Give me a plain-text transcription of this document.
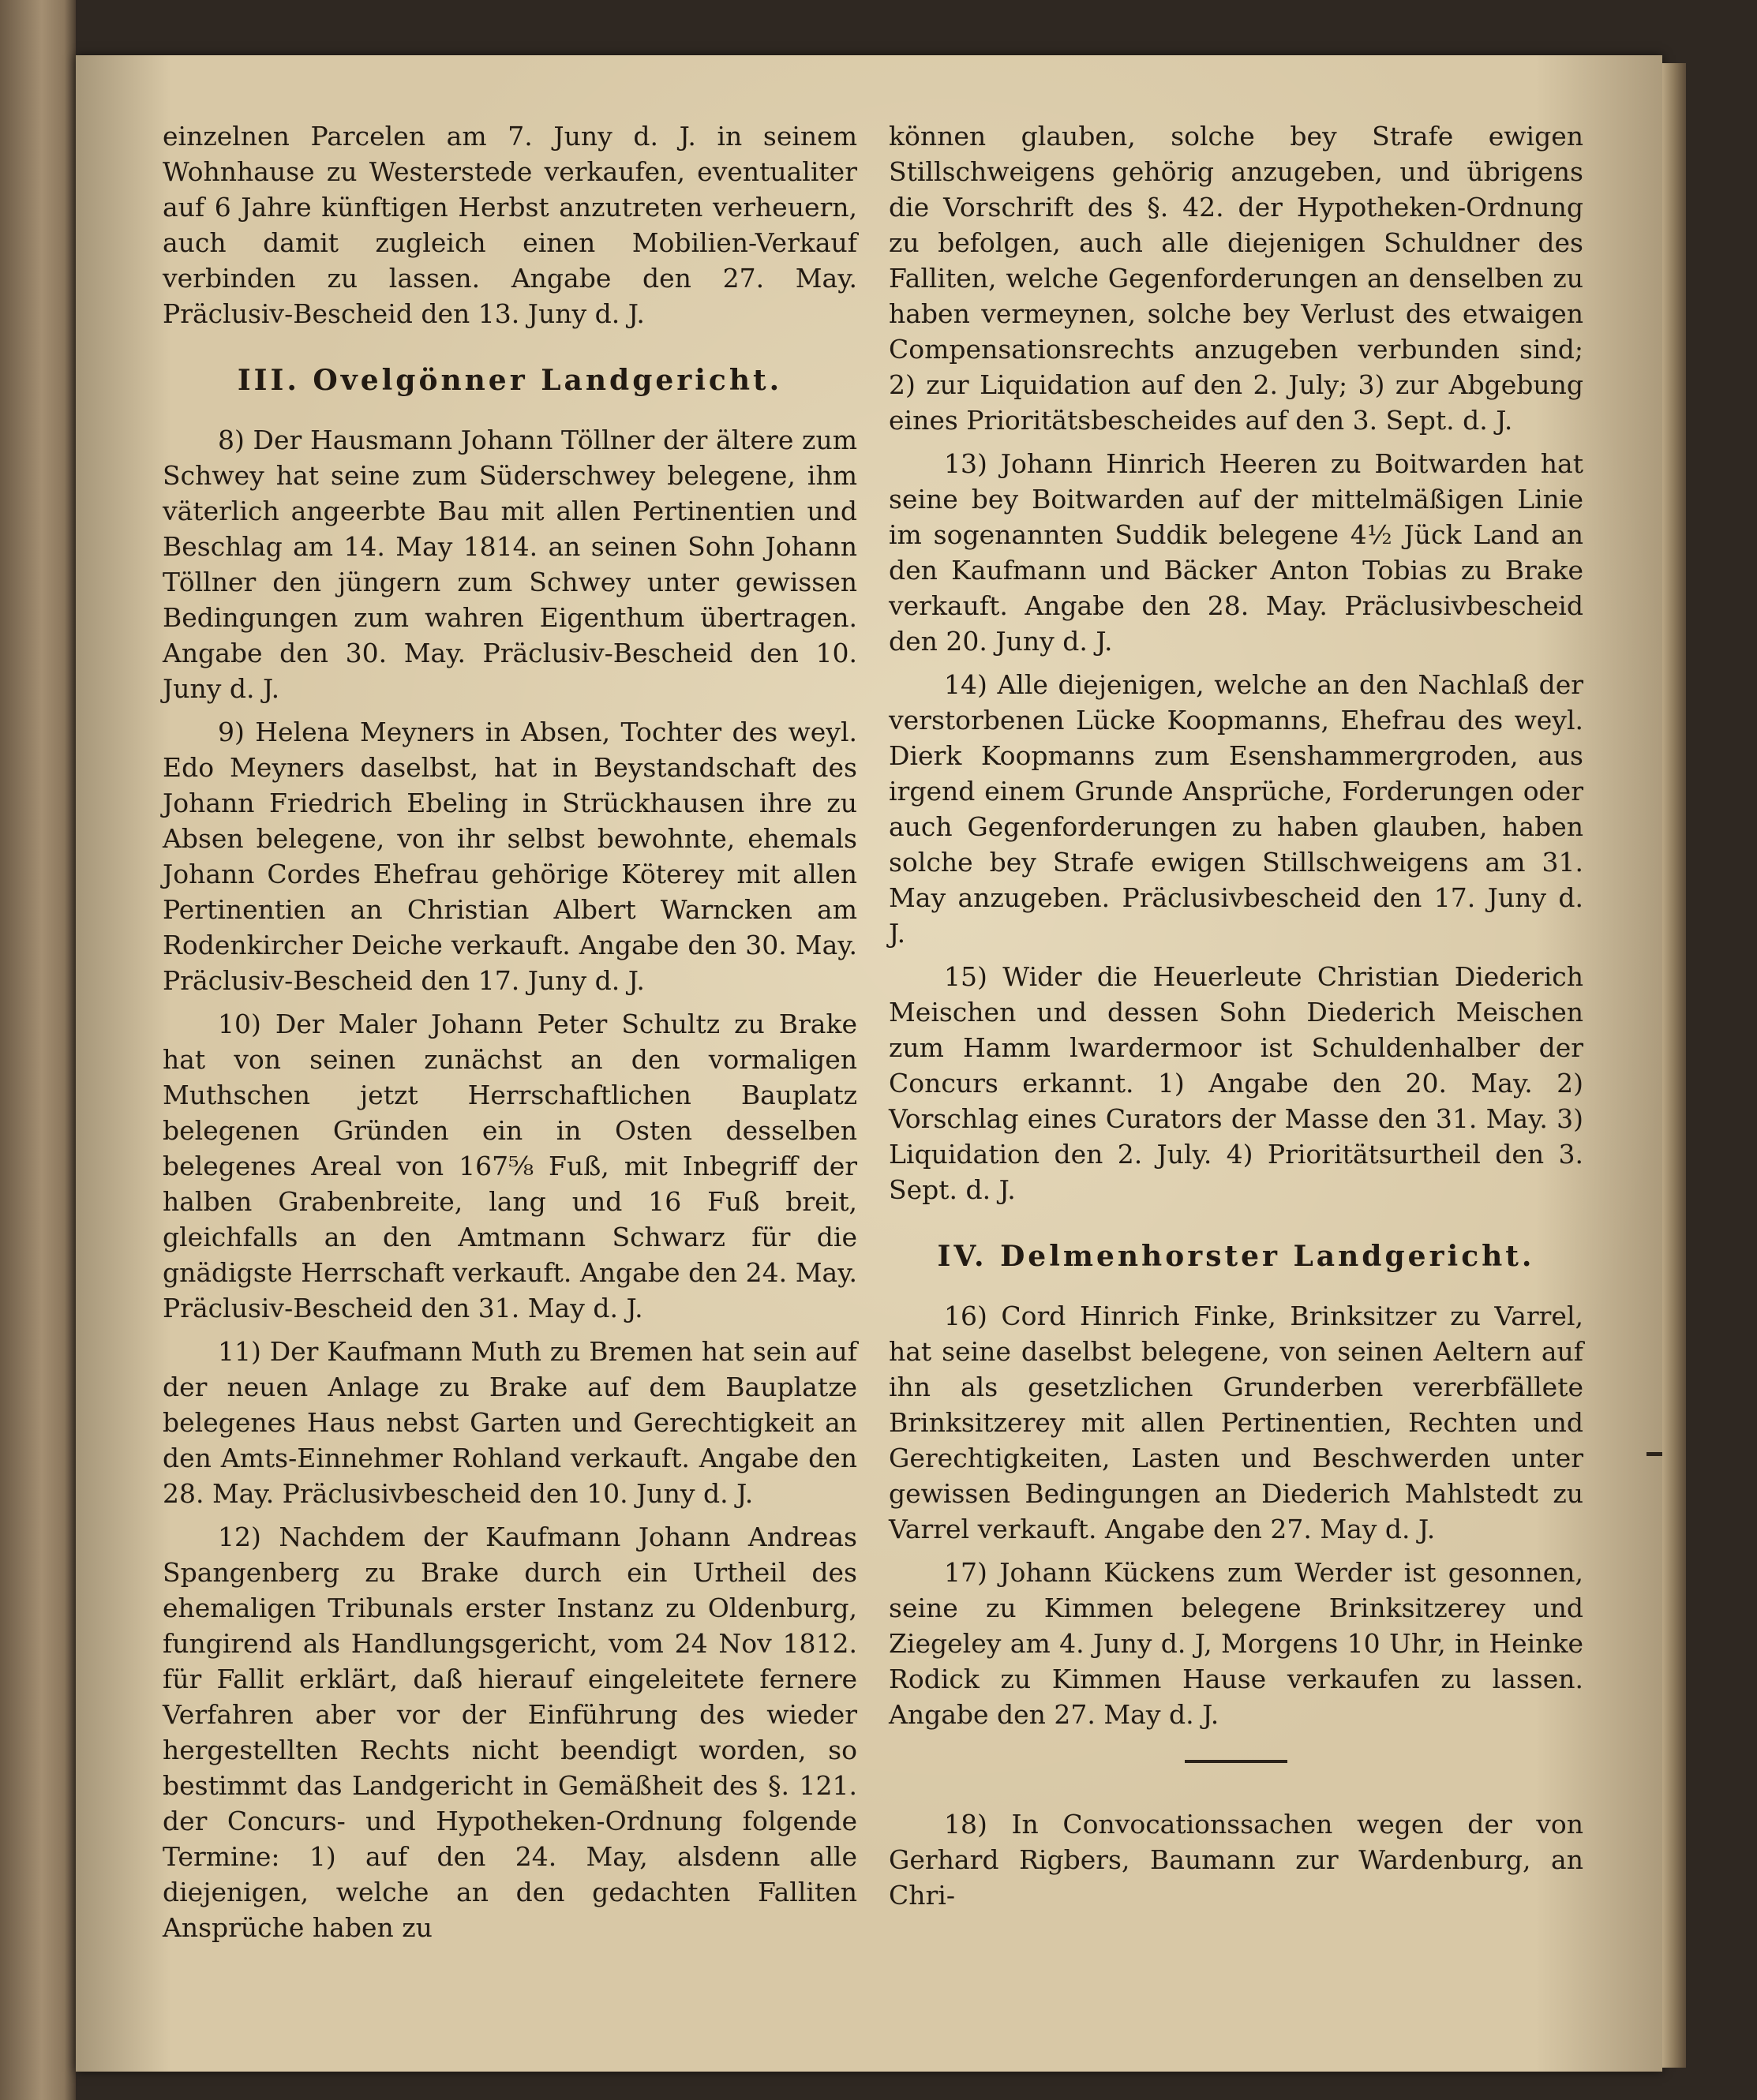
einzelnen Parcelen am 7. Juny d. J. in seinem Wohnhause zu Westerstede verkaufen, eventualiter auf 6 Jahre künftigen Herbst anzutreten verheuern, auch damit zugleich einen Mobilien-Verkauf verbinden zu lassen. Angabe den 27. May. Präclusiv-Bescheid den 13. Juny d. J.

III. Ovelgönner Landgericht.

8) Der Hausmann Johann Töllner der ältere zum Schwey hat seine zum Süderschwey belegene, ihm väterlich angeerbte Bau mit allen Pertinentien und Beschlag am 14. May 1814. an seinen Sohn Johann Töllner den jüngern zum Schwey unter gewissen Bedingungen zum wahren Eigenthum übertragen. Angabe den 30. May. Präclusiv-Bescheid den 10. Juny d. J.

9) Helena Meyners in Absen, Tochter des weyl. Edo Meyners daselbst, hat in Beystandschaft des Johann Friedrich Ebeling in Strückhausen ihre zu Absen belegene, von ihr selbst bewohnte, ehemals Johann Cordes Ehefrau gehörige Köterey mit allen Pertinentien an Christian Albert Warncken am Rodenkircher Deiche verkauft. Angabe den 30. May. Präclusiv-Bescheid den 17. Juny d. J.

10) Der Maler Johann Peter Schultz zu Brake hat von seinen zunächst an den vormaligen Muthschen jetzt Herrschaftlichen Bauplatz belegenen Gründen ein in Osten desselben belegenes Areal von 167⅝ Fuß, mit Inbegriff der halben Grabenbreite, lang und 16 Fuß breit, gleichfalls an den Amtmann Schwarz für die gnädigste Herrschaft verkauft. Angabe den 24. May. Präclusiv-Bescheid den 31. May d. J.

11) Der Kaufmann Muth zu Bremen hat sein auf der neuen Anlage zu Brake auf dem Bauplatze belegenes Haus nebst Garten und Gerechtigkeit an den Amts-Einnehmer Rohland verkauft. Angabe den 28. May. Präclusivbescheid den 10. Juny d. J.

12) Nachdem der Kaufmann Johann Andreas Spangenberg zu Brake durch ein Urtheil des ehemaligen Tribunals erster Instanz zu Oldenburg, fungirend als Handlungsgericht, vom 24 Nov 1812. für Fallit erklärt, daß hierauf eingeleitete fernere Verfahren aber vor der Einführung des wieder hergestellten Rechts nicht beendigt worden, so bestimmt das Landgericht in Gemäßheit des §. 121. der Concurs- und Hypotheken-Ordnung folgende Termine: 1) auf den 24. May, alsdenn alle diejenigen, welche an den gedachten Falliten Ansprüche haben zu

können glauben, solche bey Strafe ewigen Stillschweigens gehörig anzugeben, und übrigens die Vorschrift des §. 42. der Hypotheken-Ordnung zu befolgen, auch alle diejenigen Schuldner des Falliten, welche Gegenforderungen an denselben zu haben vermeynen, solche bey Verlust des etwaigen Compensationsrechts anzugeben verbunden sind; 2) zur Liquidation auf den 2. July; 3) zur Abgebung eines Prioritätsbescheides auf den 3. Sept. d. J.

13) Johann Hinrich Heeren zu Boitwarden hat seine bey Boitwarden auf der mittelmäßigen Linie im sogenannten Suddik belegene 4½ Jück Land an den Kaufmann und Bäcker Anton Tobias zu Brake verkauft. Angabe den 28. May. Präclusivbescheid den 20. Juny d. J.

14) Alle diejenigen, welche an den Nachlaß der verstorbenen Lücke Koopmanns, Ehefrau des weyl. Dierk Koopmanns zum Esenshammergroden, aus irgend einem Grunde Ansprüche, Forderungen oder auch Gegenforderungen zu haben glauben, haben solche bey Strafe ewigen Stillschweigens am 31. May anzugeben. Präclusivbescheid den 17. Juny d. J.

15) Wider die Heuerleute Christian Diederich Meischen und dessen Sohn Diederich Meischen zum Hamm lwardermoor ist Schuldenhalber der Concurs erkannt. 1) Angabe den 20. May. 2) Vorschlag eines Curators der Masse den 31. May. 3) Liquidation den 2. July. 4) Prioritätsurtheil den 3. Sept. d. J.

IV. Delmenhorster Landgericht.

16) Cord Hinrich Finke, Brinksitzer zu Varrel, hat seine daselbst belegene, von seinen Aeltern auf ihn als gesetzlichen Grunderben vererbfällete Brinksitzerey mit allen Pertinentien, Rechten und Gerechtigkeiten, Lasten und Beschwerden unter gewissen Bedingungen an Diederich Mahlstedt zu Varrel verkauft. Angabe den 27. May d. J.

17) Johann Kückens zum Werder ist gesonnen, seine zu Kimmen belegene Brinksitzerey und Ziegeley am 4. Juny d. J, Morgens 10 Uhr, in Heinke Rodick zu Kimmen Hause verkaufen zu lassen. Angabe den 27. May d. J.

18) In Convocationssachen wegen der von Gerhard Rigbers, Baumann zur Wardenburg, an Chri-
